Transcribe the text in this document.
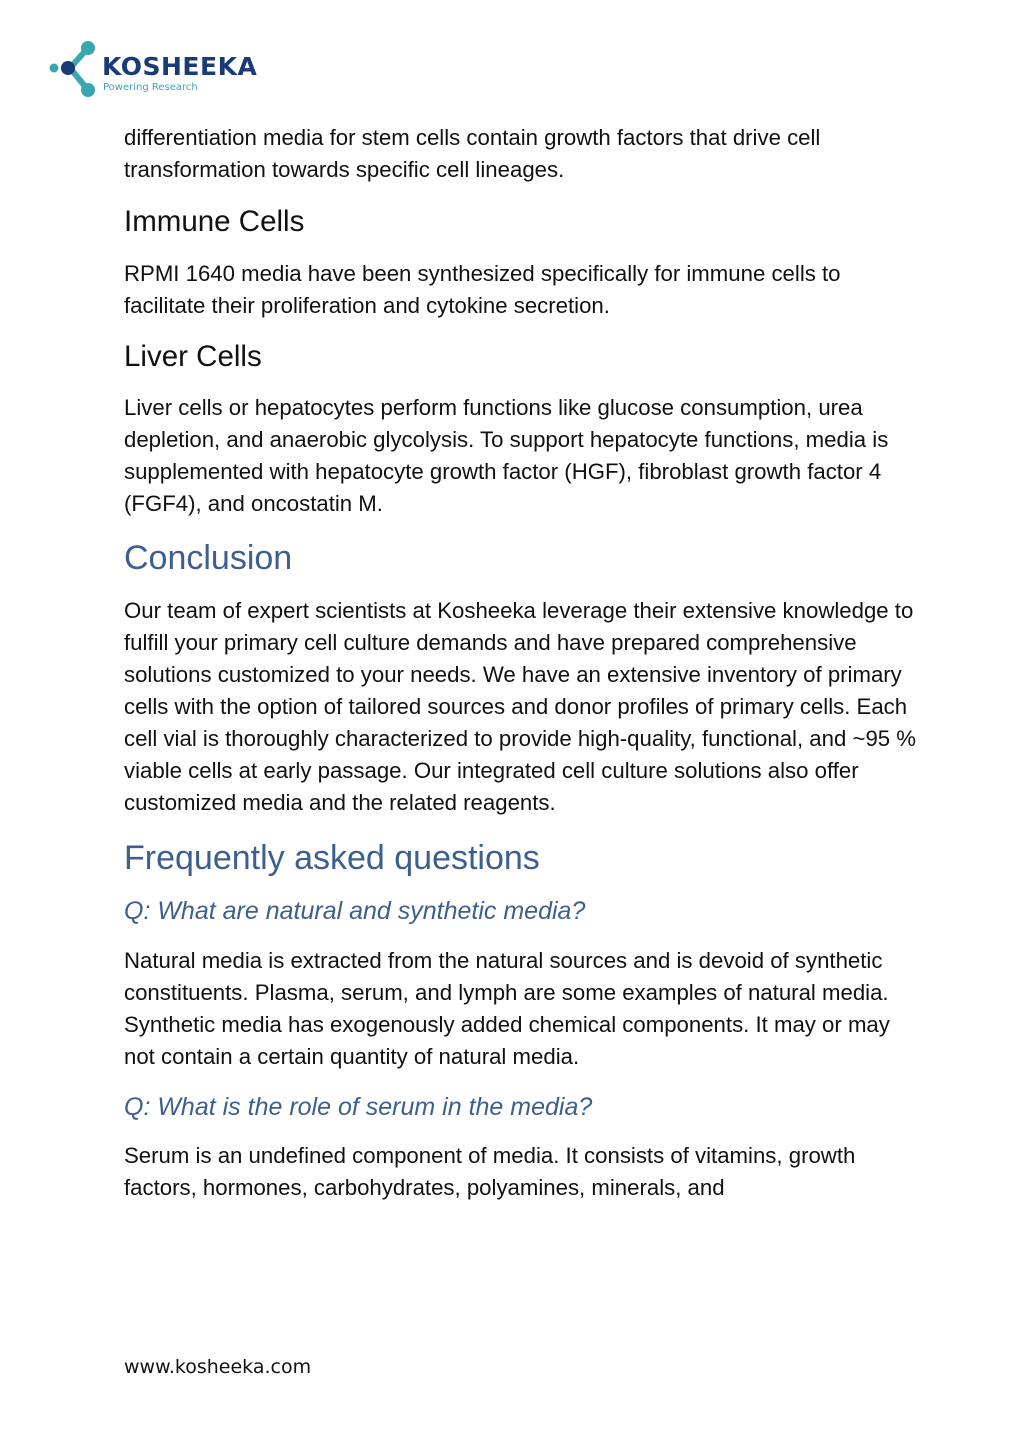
KOSHEEKA
Powering Research

differentiation media for stem cells contain growth factors that drive cell transformation towards specific cell lineages.

Immune Cells

RPMI 1640 media have been synthesized specifically for immune cells to facilitate their proliferation and cytokine secretion.

Liver Cells

Liver cells or hepatocytes perform functions like glucose consumption, urea depletion, and anaerobic glycolysis. To support hepatocyte functions, media is supplemented with hepatocyte growth factor (HGF), fibroblast growth factor 4 (FGF4), and oncostatin M.

Conclusion

Our team of expert scientists at Kosheeka leverage their extensive knowledge to fulfill your primary cell culture demands and have prepared comprehensive solutions customized to your needs. We have an extensive inventory of primary cells with the option of tailored sources and donor profiles of primary cells. Each cell vial is thoroughly characterized to provide high-quality, functional, and ~95 % viable cells at early passage. Our integrated cell culture solutions also offer customized media and the related reagents.

Frequently asked questions
Q: What are natural and synthetic media?

Natural media is extracted from the natural sources and is devoid of synthetic constituents. Plasma, serum, and lymph are some examples of natural media. Synthetic media has exogenously added chemical components. It may or may not contain a certain quantity of natural media.

Q: What is the role of serum in the media?

Serum is an undefined component of media. It consists of vitamins, growth factors, hormones, carbohydrates, polyamines, minerals, and

www.kosheeka.com
